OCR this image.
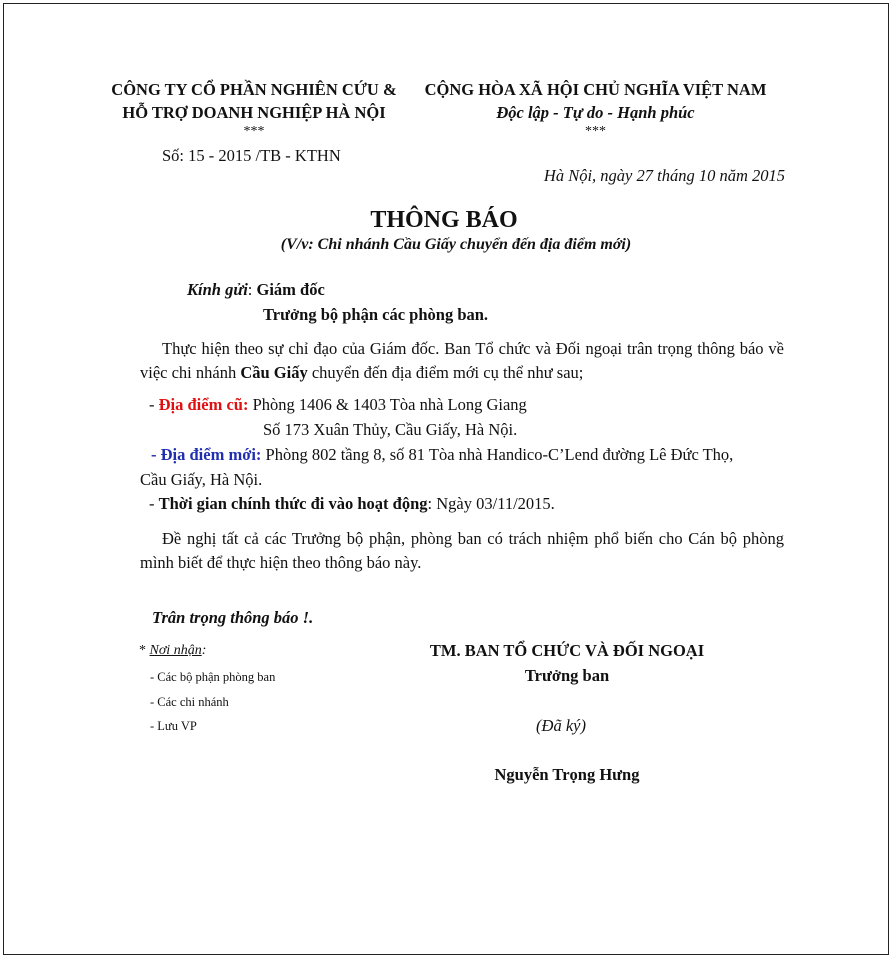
CÔNG TY CỔ PHẦN NGHIÊN CỨU &
HỖ TRỢ DOANH NGHIỆP HÀ NỘI
***
Số: 15 - 2015 /TB - KTHN
CỘNG HÒA XÃ HỘI CHỦ NGHĨA VIỆT NAM
Độc lập - Tự do - Hạnh phúc
***
Hà Nội, ngày 27 tháng 10 năm 2015
THÔNG BÁO
(V/v: Chi nhánh Cầu Giấy chuyển đến địa điểm mới)
Kính gửi: Giám đốc
Trưởng bộ phận các phòng ban.
Thực hiện theo sự chỉ đạo của Giám đốc. Ban Tổ chức và Đối ngoại trân trọng thông báo về việc chi nhánh Cầu Giấy chuyển đến địa điểm mới cụ thể như sau;
- Địa điểm cũ: Phòng 1406 & 1403 Tòa nhà Long Giang
Số 173 Xuân Thủy, Cầu Giấy, Hà Nội.
- Địa điểm mới: Phòng 802 tầng 8, số 81 Tòa nhà Handico-C’Lend đường Lê Đức Thọ,
Cầu Giấy, Hà Nội.
- Thời gian chính thức đi vào hoạt động: Ngày 03/11/2015.
Đề nghị tất cả các Trưởng bộ phận, phòng ban có trách nhiệm phổ biến cho Cán bộ phòng mình biết để thực hiện theo thông báo này.
Trân trọng thông báo !.
* Nơi nhận:
- Các bộ phận phòng ban
- Các chi nhánh
- Lưu VP
TM. BAN TỔ CHỨC VÀ ĐỐI NGOẠI
Trưởng ban
(Đã ký)
Nguyễn Trọng Hưng
